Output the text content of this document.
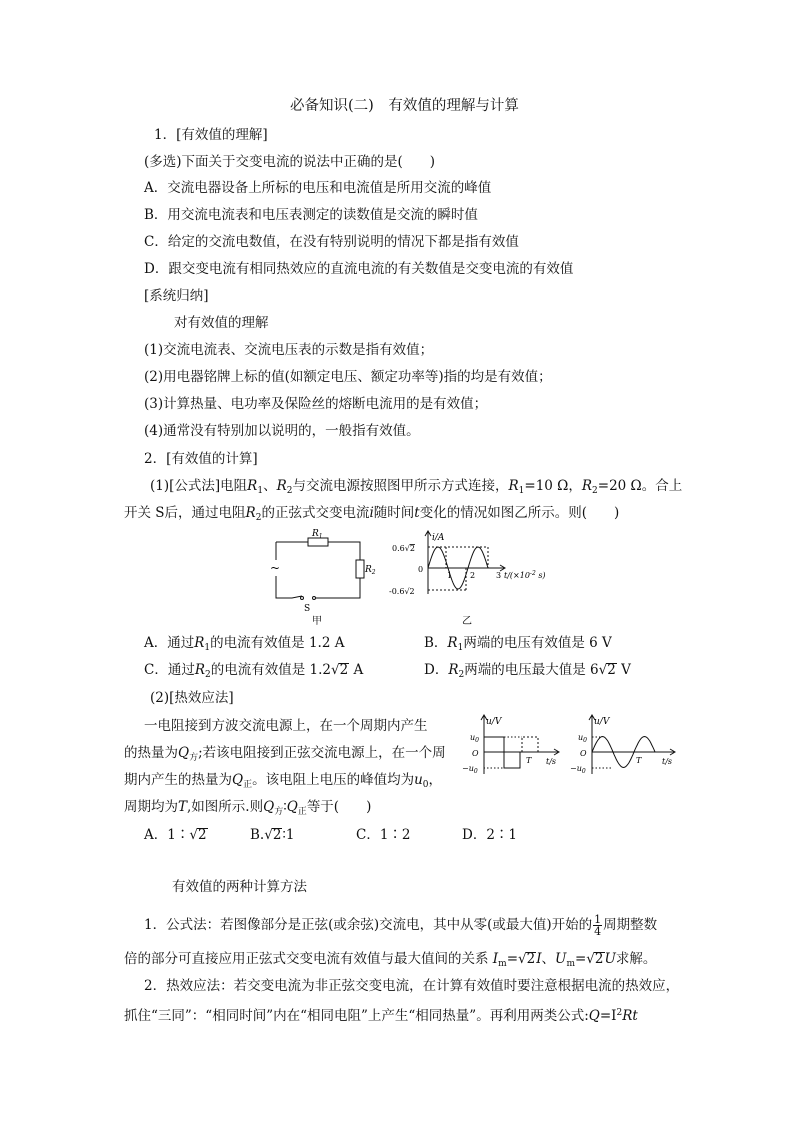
必备知识(二)　有效值的理解与计算
1．[有效值的理解]
(多选)下面关于交变电流的说法中正确的是(　　)
A．交流电器设备上所标的电压和电流值是所用交流的峰值
B．用交流电流表和电压表测定的读数值是交流的瞬时值
C．给定的交流电数值，在没有特别说明的情况下都是指有效值
D．跟交变电流有相同热效应的直流电流的有关数值是交变电流的有效值
[系统归纳]
对有效值的理解
(1)交流电流表、交流电压表的示数是指有效值；
(2)用电器铭牌上标的值(如额定电压、额定功率等)指的均是有效值；
(3)计算热量、电功率及保险丝的熔断电流用的是有效值；
(4)通常没有特别加以说明的，一般指有效值。
2．[有效值的计算]
(1)[公式法]电阻$R_1$、$R_2$与交流电源按照图甲所示方式连接，$R_1=10$ Ω，$R_2=20$ Ω。合上
开关 S后，通过电阻$R_2$的正弦式交变电流i随时间t变化的情况如图乙所示。则(　　)
~
$R_1$
$R_2$
S
甲
i/A
0.6√2
-0.6√2
0
1 2	3 $t/(\times 10^{-2}$ s)
乙
A．通过$R_1$的电流有效值是 1.2 A	B．$R_1$两端的电压有效值是 6 V
C．通过$R_2$的电流有效值是 1.2√2 A	D．$R_2$两端的电压最大值是 6√2 V
(2)[热效应法]
一电阻接到方波交流电源上，在一个周期内产生
的热量为$Q_方$;若该电阻接到正弦交流电源上，在一个周
期内产生的热量为$Q_正$。该电阻上电压的峰值均为$u_0$，
周期均为T,如图所示.则$Q_方∶Q_正$等于(　　)
u/V
$u_0$
O
$-u_0$
T t/s
u/V
$u_0$
O
$-u_0$
T	t/s
A．1∶√2	B.√2∶1	C．1∶2	D．2∶1
有效值的两种计算方法
1．公式法：若图像部分是正弦(或余弦)交流电，其中从零(或最大值)开始的 $\frac{1}{4}$ 周期整数
倍的部分可直接应用正弦式交变电流有效值与最大值间的关系 $I_m=√2I$、$U_m=√2U$求解。
2．热效应法：若交变电流为非正弦交变电流，在计算有效值时要注意根据电流的热效应，
抓住“三同”：“相同时间”内在“相同电阻”上产生“相同热量”。再利用两类公式$:Q=I^2Rt$
